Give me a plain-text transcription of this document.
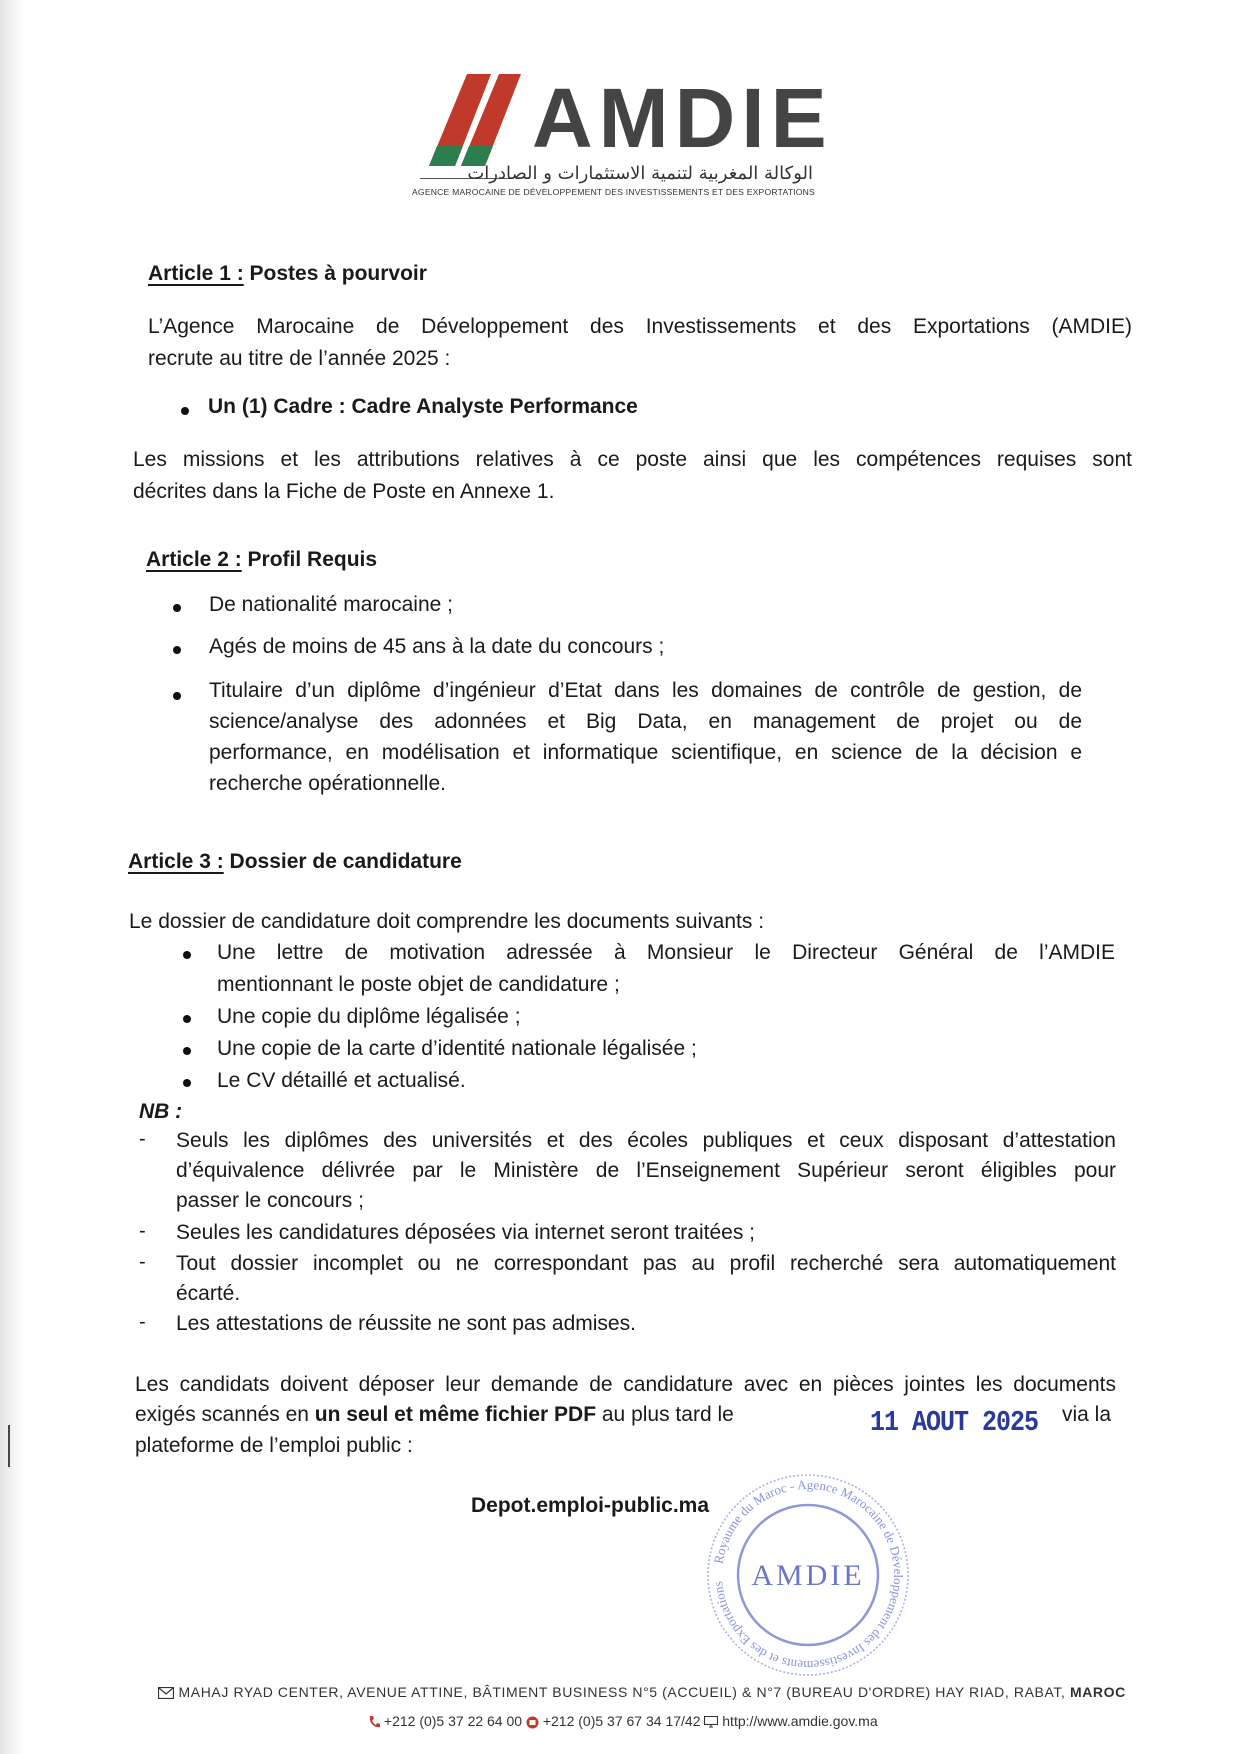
AMDIE
الوكالة المغربية لتنمية الاستثمارات و الصادرات
AGENCE MAROCAINE DE DÉVELOPPEMENT DES INVESTISSEMENTS ET DES EXPORTATIONS
Article 1 : Postes à pourvoir
L’Agence Marocaine de Développement des Investissements et des Exportations (AMDIE)
recrute au titre de l’année 2025 :
Un (1) Cadre : Cadre Analyste Performance
Les missions et les attributions relatives à ce poste ainsi que les compétences requises sont
décrites dans la Fiche de Poste en Annexe 1.
Article 2 : Profil Requis
De nationalité marocaine ;
Agés de moins de 45 ans à la date du concours ;
Titulaire d’un diplôme d’ingénieur d’Etat dans les domaines de contrôle de gestion, de
science/analyse des adonnées et Big Data, en management de projet ou de
performance, en modélisation et informatique scientifique, en science de la décision e
recherche opérationnelle.
Article 3 : Dossier de candidature
Le dossier de candidature doit comprendre les documents suivants :
Une lettre de motivation adressée à Monsieur le Directeur Général de l’AMDIE
mentionnant le poste objet de candidature ;
Une copie du diplôme légalisée ;
Une copie de la carte d’identité nationale légalisée ;
Le CV détaillé et actualisé.
NB :
- Seuls les diplômes des universités et des écoles publiques et ceux disposant d’attestation
d’équivalence délivrée par le Ministère de l’Enseignement Supérieur seront éligibles pour
passer le concours ;
- Seules les candidatures déposées via internet seront traitées ;
- Tout dossier incomplet ou ne correspondant pas au profil recherché sera automatiquement
écarté.
- Les attestations de réussite ne sont pas admises.
Les candidats doivent déposer leur demande de candidature avec en pièces jointes les documents
exigés scannés en un seul et même fichier PDF au plus tard le	11 AOUT 2025 via la
plateforme de l’emploi public :
Royaume du Maroc - Agence Marocaine de Développement des Investissements et des Exportations AMDIE
Depot.emploi-public.ma
MAHAJ RYAD CENTER, AVENUE ATTINE, BÂTIMENT BUSINESS N°5 (ACCUEIL) & N°7 (BUREAU D'ORDRE) HAY RIAD, RABAT, MAROC
+212 (0)5 37 22 64 00 +212 (0)5 37 67 34 17/42 http://www.amdie.gov.ma
